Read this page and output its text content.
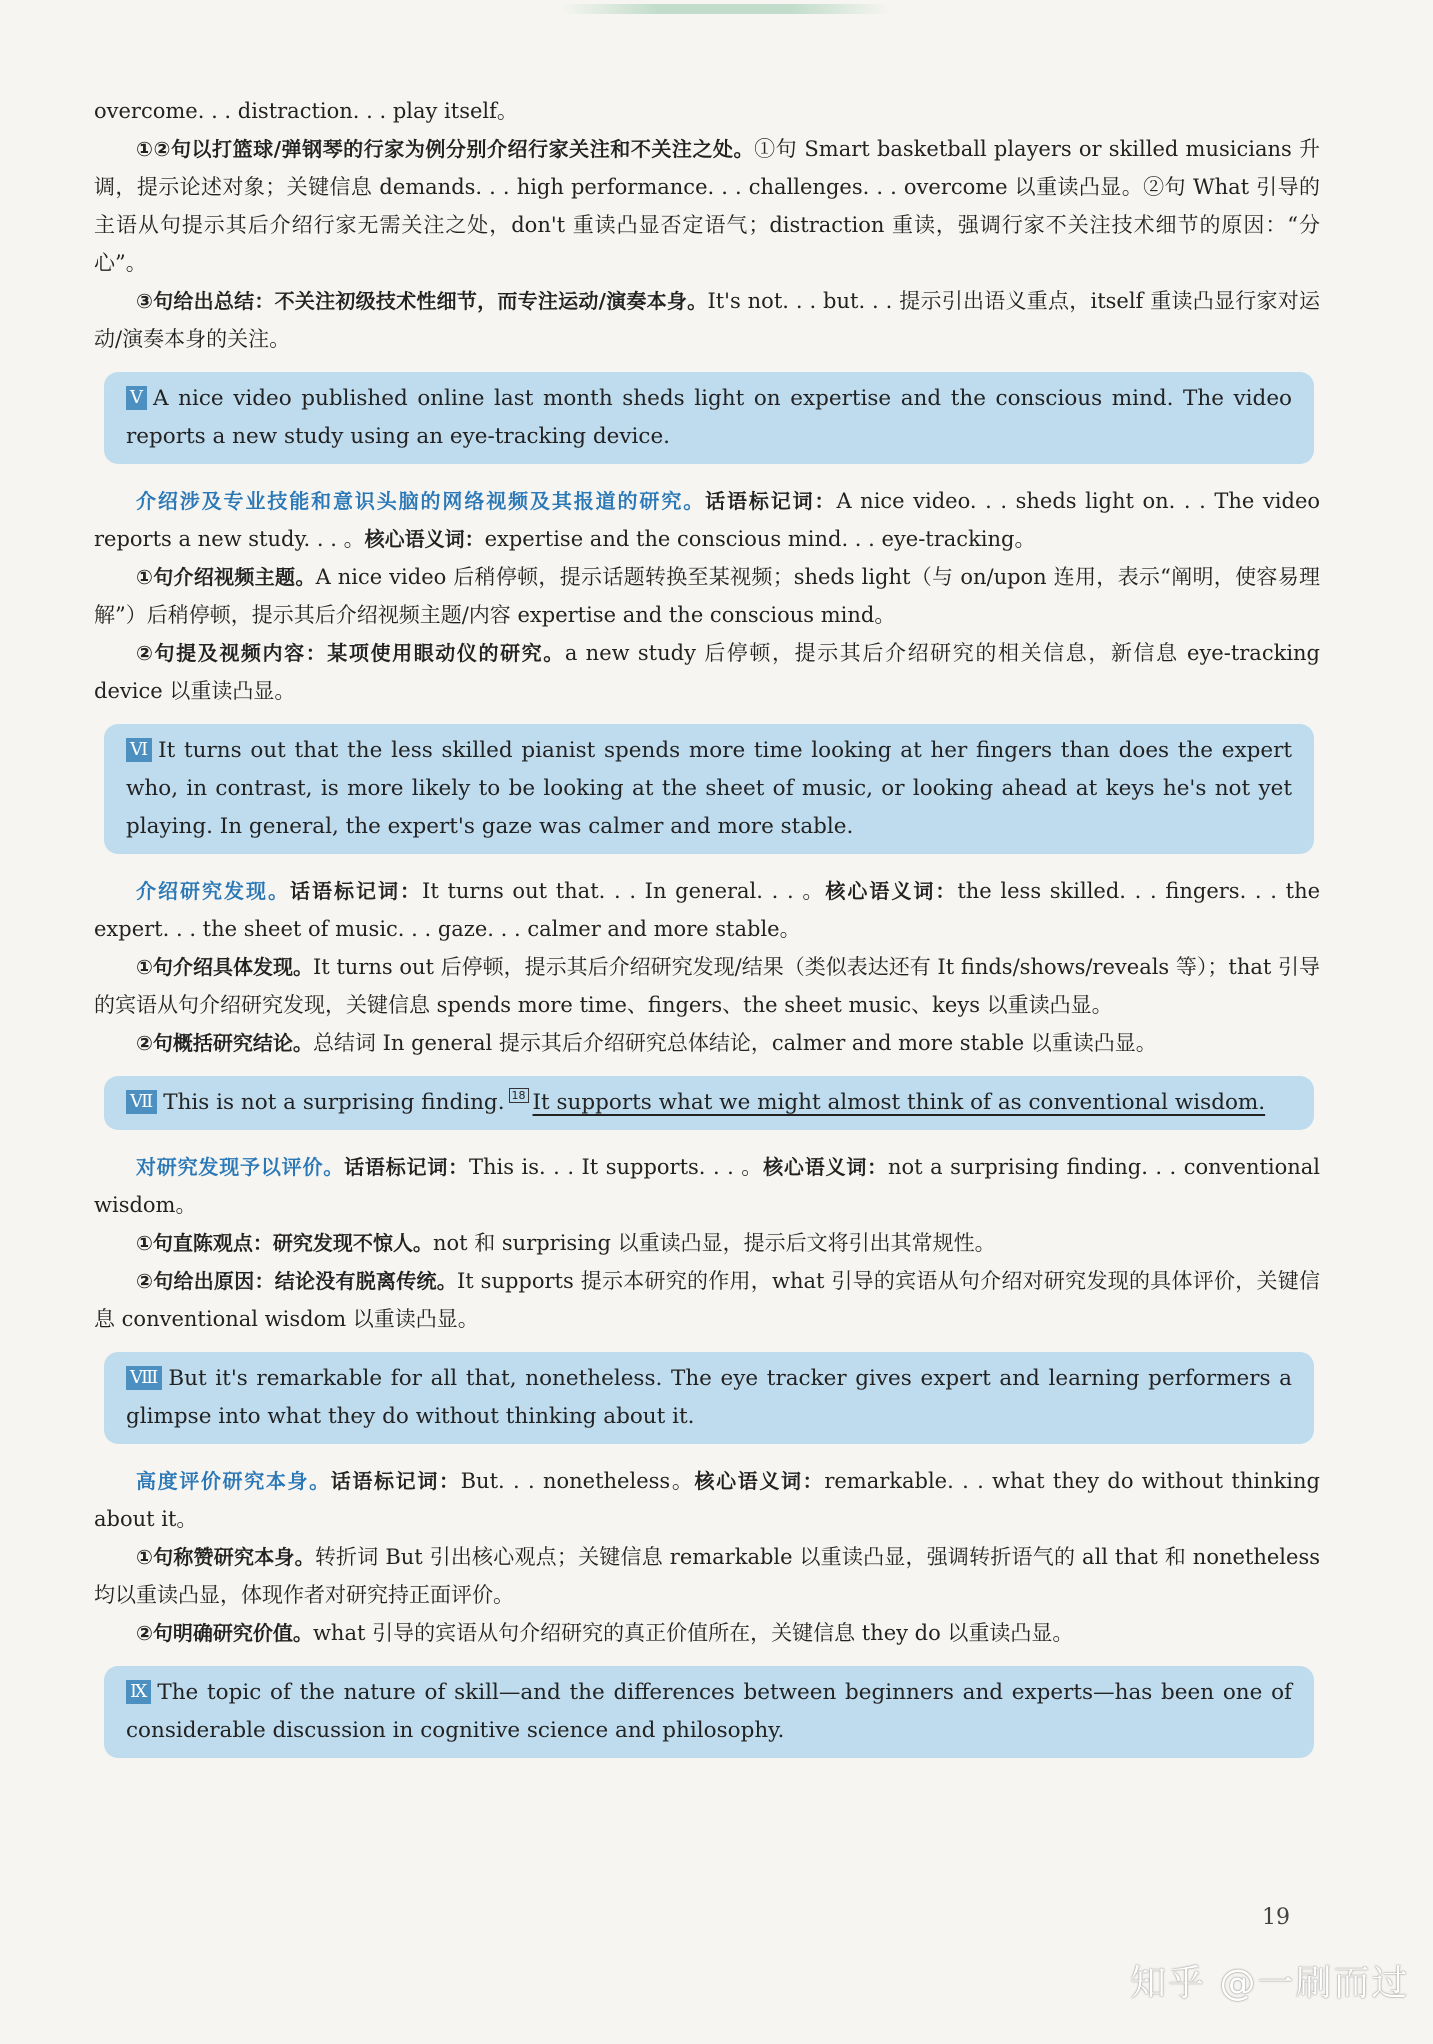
overcome. . . distraction. . . play itself。

①②句以打篮球/弹钢琴的行家为例分别介绍行家关注和不关注之处。①句 Smart basketball players or skilled musicians 升调，提示论述对象；关键信息 demands. . . high performance. . . challenges. . . overcome 以重读凸显。②句 What 引导的主语从句提示其后介绍行家无需关注之处，don't 重读凸显否定语气；distraction 重读，强调行家不关注技术细节的原因：“分心”。

③句给出总结：不关注初级技术性细节，而专注运动/演奏本身。It's not. . . but. . . 提示引出语义重点，itself 重读凸显行家对运动/演奏本身的关注。

Ⅴ A nice video published online last month sheds light on expertise and the conscious mind. The video reports a new study using an eye-tracking device.

介绍涉及专业技能和意识头脑的网络视频及其报道的研究。话语标记词：A nice video. . . sheds light on. . . The video reports a new study. . . 。核心语义词：expertise and the conscious mind. . . eye-tracking。

①句介绍视频主题。A nice video 后稍停顿，提示话题转换至某视频；sheds light（与 on/upon 连用，表示“阐明，使容易理解”）后稍停顿，提示其后介绍视频主题/内容 expertise and the conscious mind。

②句提及视频内容：某项使用眼动仪的研究。a new study 后停顿，提示其后介绍研究的相关信息，新信息 eye-tracking device 以重读凸显。

Ⅵ It turns out that the less skilled pianist spends more time looking at her fingers than does the expert who, in contrast, is more likely to be looking at the sheet of music, or looking ahead at keys he's not yet playing. In general, the expert's gaze was calmer and more stable.

介绍研究发现。话语标记词：It turns out that. . . In general. . . 。核心语义词：the less skilled. . . fingers. . . the expert. . . the sheet of music. . . gaze. . . calmer and more stable。

①句介绍具体发现。It turns out 后停顿，提示其后介绍研究发现/结果（类似表达还有 It finds/shows/reveals 等）；that 引导的宾语从句介绍研究发现，关键信息 spends more time、fingers、the sheet music、keys 以重读凸显。

②句概括研究结论。总结词 In general 提示其后介绍研究总体结论，calmer and more stable 以重读凸显。

Ⅶ This is not a surprising finding. 18 It supports what we might almost think of as conventional wisdom.

对研究发现予以评价。话语标记词：This is. . . It supports. . . 。核心语义词：not a surprising finding. . . conventional wisdom。

①句直陈观点：研究发现不惊人。not 和 surprising 以重读凸显，提示后文将引出其常规性。

②句给出原因：结论没有脱离传统。It supports 提示本研究的作用，what 引导的宾语从句介绍对研究发现的具体评价，关键信息 conventional wisdom 以重读凸显。

Ⅷ But it's remarkable for all that, nonetheless. The eye tracker gives expert and learning performers a glimpse into what they do without thinking about it.

高度评价研究本身。话语标记词：But. . . nonetheless。核心语义词：remarkable. . . what they do without thinking about it。

①句称赞研究本身。转折词 But 引出核心观点；关键信息 remarkable 以重读凸显，强调转折语气的 all that 和 nonetheless 均以重读凸显，体现作者对研究持正面评价。

②句明确研究价值。what 引导的宾语从句介绍研究的真正价值所在，关键信息 they do 以重读凸显。

Ⅸ The topic of the nature of skill—and the differences between beginners and experts—has been one of considerable discussion in cognitive science and philosophy.
19
知乎 @一刷而过
